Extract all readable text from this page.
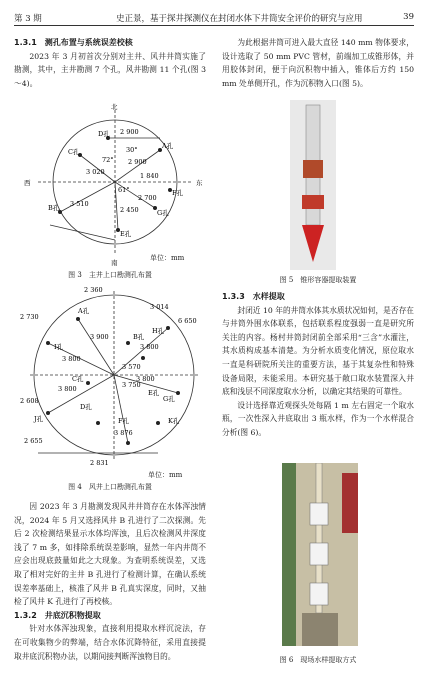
第 3 期	史正景，基于探井探测仪在封闭水体下井筒安全评价的研究与应用	39

1.3.1　测孔布置与系统误差校核

2023 年 3 月初首次分别对主井、风井井筒实施了勘测，其中，主井勘测 7 个孔，风井勘测 11 个孔(图 3～4)。

北
南
西	东
A孔
B孔
C孔
D孔
E孔
F孔
G孔
2 900
2 900
3 020
3 510
2 450
2 700
1 840
72°
30°
61°
单位：mm
图 3　主井上口勘测孔布置
A孔
B孔
C孔
D孔
E孔
F孔
G孔
H孔
I孔
J孔	K孔
2 360
2 730
3 014
3 800
3 900
3 800
3 570
3 800	3 750
2 608
2 655
2 831
3 800
3 876
6 650
单位：mm
图 4　风井上口勘测孔布置

因 2023 年 3 月勘测发现风井井筒存在水体浑浊情况，2024 年 5 月又选择风井 B 孔进行了二次探测。先后 2 次检测结果显示水体均浑浊，且后次检测风井深度浅了 7 m 多，如排除系统误差影响，显然一年内井筒不应会出现底鼓量如此之大现象。为查明系统误差，又选取了相对完好的主井 B 孔进行了检测计算，在确认系统误差率基础上，核准了风井 B 孔真实深度，同时，又抽检了风井 K 孔进行了再校核。

1.3.2　井底沉积物提取

针对水体浑浊现象，直接利用提取水样沉淀法，存在可收集物少的弊端，结合水体沉降特征，采用直接提取井底沉积物办法，以期间接判断浑浊物目的。

为此根据井筒可进入最大直径 140 mm 物体要求，设计选取了 50 mm PVC 管材，前端加工成锥形体，并用胶体封闭，便于向沉积物中插入，锥体后方约 150 mm 处单侧开孔，作为沉积物入口(图 5)。

图 5　锥形容器提取装置

1.3.3　水样提取

封闭近 10 年的井筒水体其水质状况如何，是否存在与井筒外围水体联系，包括联系程度强弱一直是研究所关注的内容。杨村井筒封闭前全部采用“三含”水灌注，其水质构成基本清楚。为分析水质变化情况，原位取水一直是科研院所关注的重要方法，基于其复杂性和特殊设备局限，未能采用。本研究基于敞口取水装置深入井底和浅层不同深度取水分析，以确定其结果的可靠性。

设计选择靠近观探头处每隔 1 m 左右固定一个取水瓶，一次性深入井底取出 3 瓶水样，作为一个水样混合分析(图 6)。

图 6　现场水样提取方式
